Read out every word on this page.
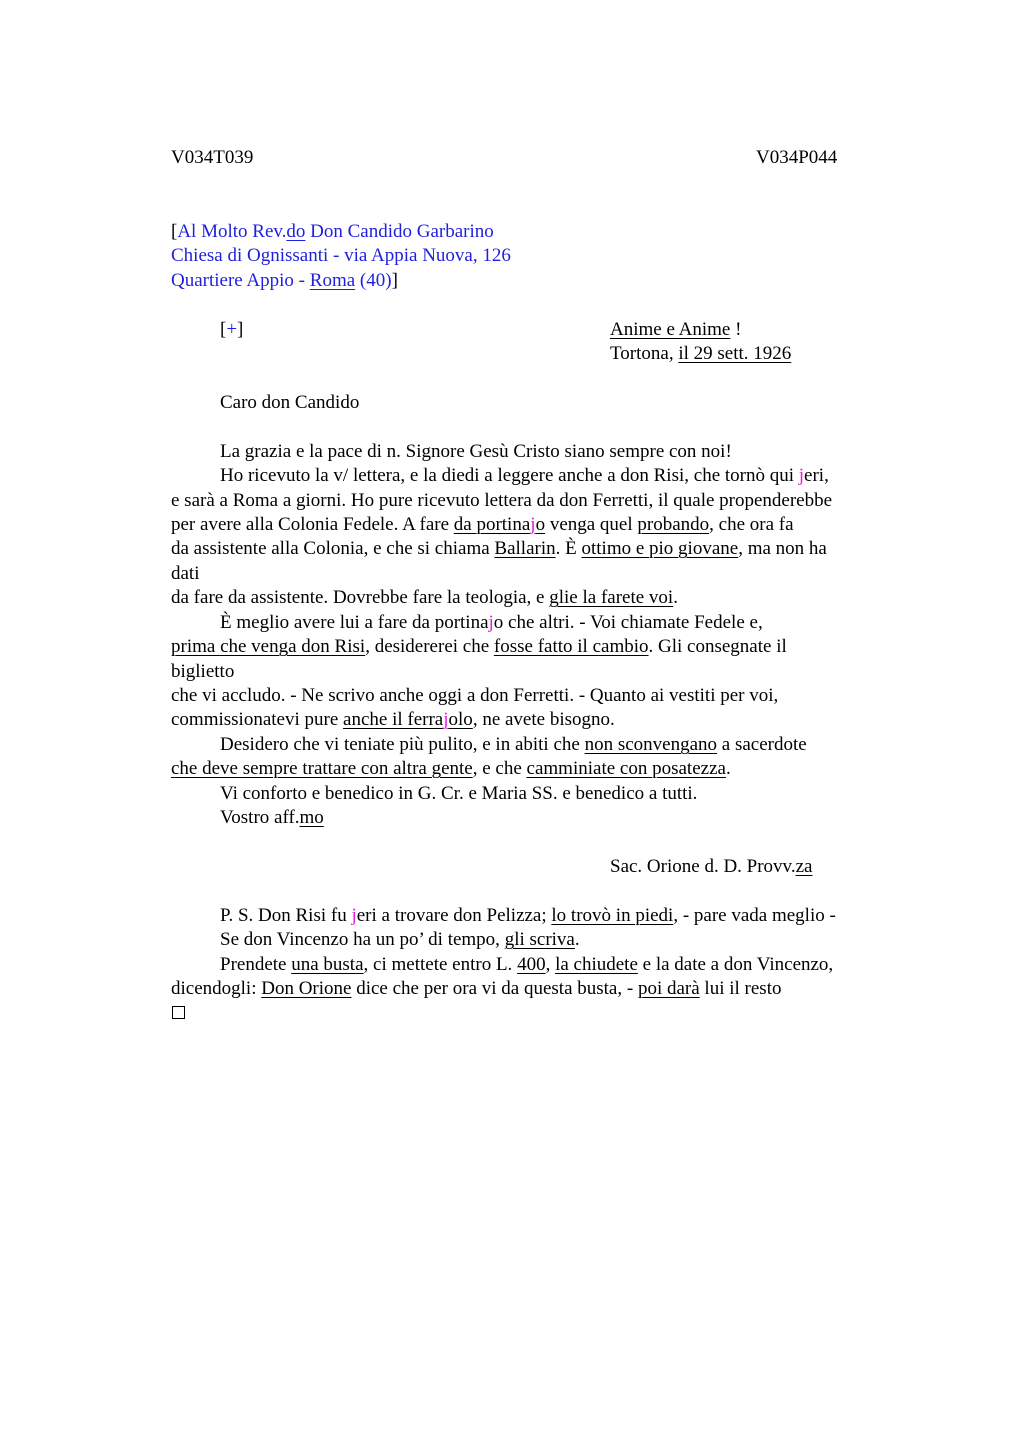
V034T039	V034P044
[Al Molto Rev.do Don Candido Garbarino
Chiesa di Ognissanti - via Appia Nuova, 126
Quartiere Appio - Roma (40)]
[+]	Anime e Anime !
Tortona, il 29 sett. 1926
Caro don Candido
La grazia e la pace di n. Signore Gesù Cristo siano sempre con noi!
Ho ricevuto la v/ lettera, e la diedi a leggere anche a don Risi, che tornò qui jeri,
e sarà a Roma a giorni. Ho pure ricevuto lettera da don Ferretti, il quale propenderebbe
per avere alla Colonia Fedele. A fare da portinajo venga quel probando, che ora fa
da assistente alla Colonia, e che si chiama Ballarin. È ottimo e pio giovane, ma non ha
dati
da fare da assistente. Dovrebbe fare la teologia, e glie la farete voi.
È meglio avere lui a fare da portinajo che altri. - Voi chiamate Fedele e,
prima che venga don Risi, desidererei che fosse fatto il cambio. Gli consegnate il
biglietto
che vi accludo. - Ne scrivo anche oggi a don Ferretti. - Quanto ai vestiti per voi,
commissionatevi pure anche il ferrajolo, ne avete bisogno.
Desidero che vi teniate più pulito, e in abiti che non sconvengano a sacerdote
che deve sempre trattare con altra gente, e che camminiate con posatezza.
Vi conforto e benedico in G. Cr. e Maria SS. e benedico a tutti.
Vostro aff.mo
Sac. Orione d. D. Provv.za
P. S. Don Risi fu jeri a trovare don Pelizza; lo trovò in piedi, - pare vada meglio -
Se don Vincenzo ha un po’ di tempo, gli scriva.
Prendete una busta, ci mettete entro L. 400, la chiudete e la date a don Vincenzo,
dicendogli: Don Orione dice che per ora vi da questa busta, - poi darà lui il resto
